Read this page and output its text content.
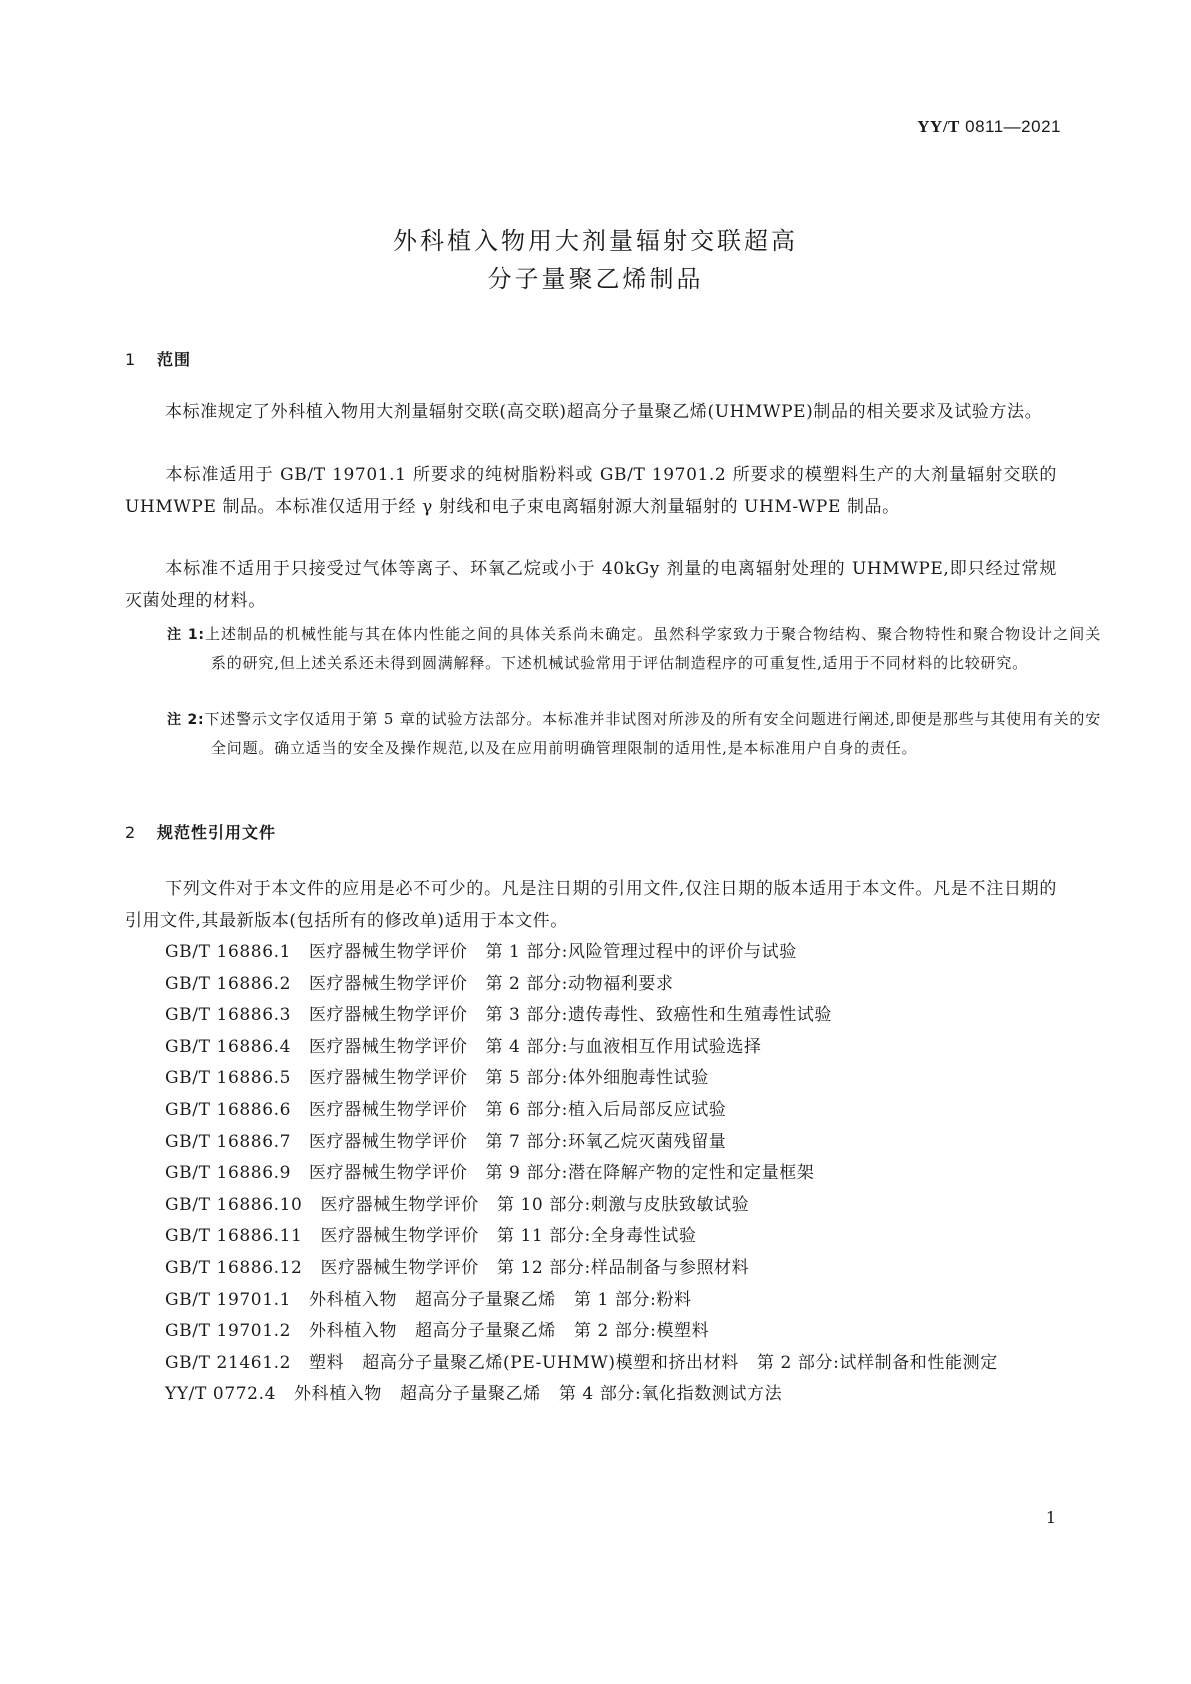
YY/T 0811—2021
外科植入物用大剂量辐射交联超高
分子量聚乙烯制品
1 范围
本标准规定了外科植入物用大剂量辐射交联(高交联)超高分子量聚乙烯(UHMWPE)制品的相关要求及试验方法。
本标准适用于 GB/T 19701.1 所要求的纯树脂粉料或 GB/T 19701.2 所要求的模塑料生产的大剂量辐射交联的 UHMWPE 制品。本标准仅适用于经 γ 射线和电子束电离辐射源大剂量辐射的 UHM-WPE 制品。
本标准不适用于只接受过气体等离子、环氧乙烷或小于 40kGy 剂量的电离辐射处理的 UHMWPE,即只经过常规灭菌处理的材料。
注 1:上述制品的机械性能与其在体内性能之间的具体关系尚未确定。虽然科学家致力于聚合物结构、聚合物特性和聚合物设计之间关系的研究,但上述关系还未得到圆满解释。下述机械试验常用于评估制造程序的可重复性,适用于不同材料的比较研究。
注 2:下述警示文字仅适用于第 5 章的试验方法部分。本标准并非试图对所涉及的所有安全问题进行阐述,即便是那些与其使用有关的安全问题。确立适当的安全及操作规范,以及在应用前明确管理限制的适用性,是本标准用户自身的责任。
2 规范性引用文件
下列文件对于本文件的应用是必不可少的。凡是注日期的引用文件,仅注日期的版本适用于本文件。凡是不注日期的引用文件,其最新版本(包括所有的修改单)适用于本文件。
GB/T 16886.1 医疗器械生物学评价 第 1 部分:风险管理过程中的评价与试验
GB/T 16886.2 医疗器械生物学评价 第 2 部分:动物福利要求
GB/T 16886.3 医疗器械生物学评价 第 3 部分:遗传毒性、致癌性和生殖毒性试验
GB/T 16886.4 医疗器械生物学评价 第 4 部分:与血液相互作用试验选择
GB/T 16886.5 医疗器械生物学评价 第 5 部分:体外细胞毒性试验
GB/T 16886.6 医疗器械生物学评价 第 6 部分:植入后局部反应试验
GB/T 16886.7 医疗器械生物学评价 第 7 部分:环氧乙烷灭菌残留量
GB/T 16886.9 医疗器械生物学评价 第 9 部分:潜在降解产物的定性和定量框架
GB/T 16886.10 医疗器械生物学评价 第 10 部分:刺激与皮肤致敏试验
GB/T 16886.11 医疗器械生物学评价 第 11 部分:全身毒性试验
GB/T 16886.12 医疗器械生物学评价 第 12 部分:样品制备与参照材料
GB/T 19701.1 外科植入物 超高分子量聚乙烯 第 1 部分:粉料
GB/T 19701.2 外科植入物 超高分子量聚乙烯 第 2 部分:模塑料
GB/T 21461.2 塑料 超高分子量聚乙烯(PE-UHMW)模塑和挤出材料 第 2 部分:试样制备和性能测定
YY/T 0772.4 外科植入物 超高分子量聚乙烯 第 4 部分:氧化指数测试方法
1
